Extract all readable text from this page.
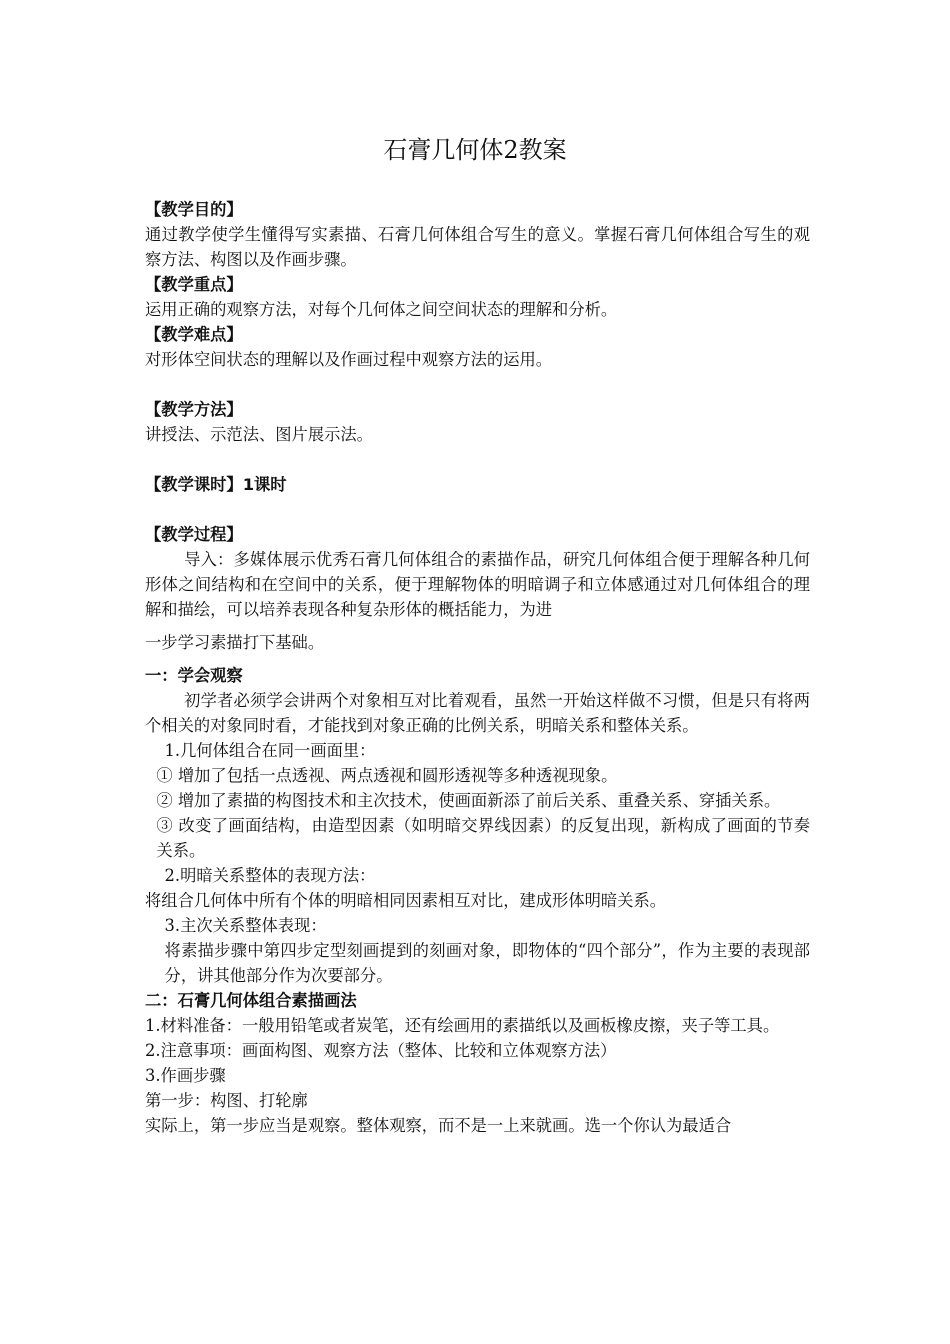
石膏几何体2教案

【教学目的】

通过教学使学生懂得写实素描、石膏几何体组合写生的意义。掌握石膏几何体组合写生的观察方法、构图以及作画步骤。

【教学重点】

运用正确的观察方法，对每个几何体之间空间状态的理解和分析。

【教学难点】

对形体空间状态的理解以及作画过程中观察方法的运用。

【教学方法】

讲授法、示范法、图片展示法。

【教学课时】1课时

【教学过程】

导入：多媒体展示优秀石膏几何体组合的素描作品，研究几何体组合便于理解各种几何形体之间结构和在空间中的关系，便于理解物体的明暗调子和立体感通过对几何体组合的理解和描绘，可以培养表现各种复杂形体的概括能力，为进

一步学习素描打下基础。

一：学会观察

初学者必须学会讲两个对象相互对比着观看，虽然一开始这样做不习惯，但是只有将两个相关的对象同时看，才能找到对象正确的比例关系，明暗关系和整体关系。

1.几何体组合在同一画面里：

① 增加了包括一点透视、两点透视和圆形透视等多种透视现象。

② 增加了素描的构图技术和主次技术，使画面新添了前后关系、重叠关系、穿插关系。

③ 改变了画面结构，由造型因素（如明暗交界线因素）的反复出现，新构成了画面的节奏关系。

2.明暗关系整体的表现方法：

将组合几何体中所有个体的明暗相同因素相互对比，建成形体明暗关系。

3.主次关系整体表现：

将素描步骤中第四步定型刻画提到的刻画对象，即物体的“四个部分”，作为主要的表现部分，讲其他部分作为次要部分。

二：石膏几何体组合素描画法

1.材料准备：一般用铅笔或者炭笔，还有绘画用的素描纸以及画板橡皮擦，夹子等工具。

2.注意事项：画面构图、观察方法（整体、比较和立体观察方法）

3.作画步骤

第一步：构图、打轮廓

实际上，第一步应当是观察。整体观察，而不是一上来就画。选一个你认为最适合
